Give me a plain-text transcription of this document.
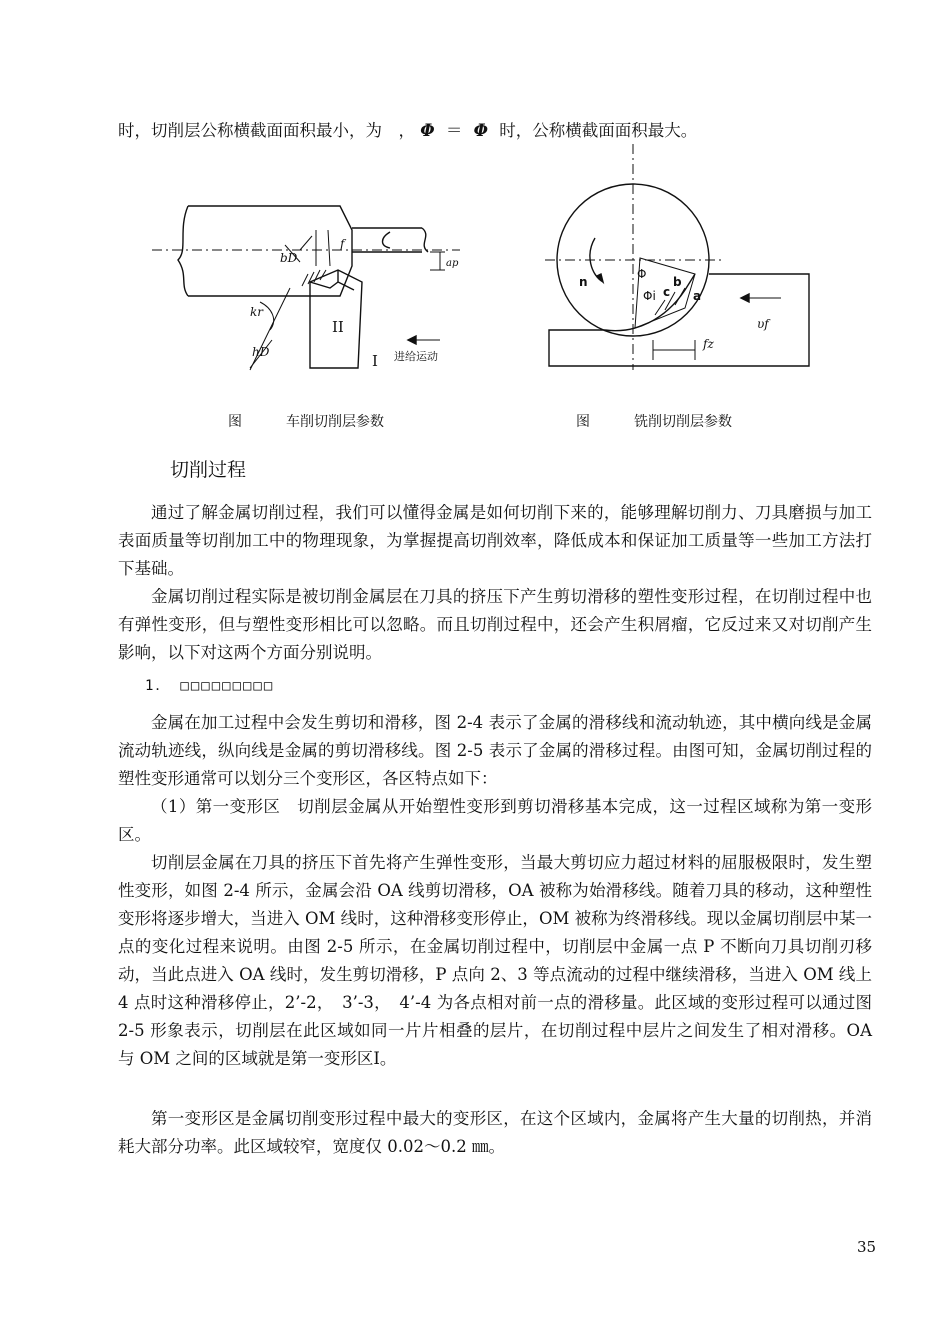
时，切削层公称横截面面积最小，为　， Φ ＝ Φ 时，公称横截面面积最大。
f
bD	ap
kr
hD
II
I 进给运动
n
Φ
Φi
b
c a
υf
fz
图	车削切削层参数	图	铣削切削层参数
切削过程
通过了解金属切削过程，我们可以懂得金属是如何切削下来的，能够理解切削力、刀具磨损与加工表面质量等切削加工中的物理现象，为掌握提高切削效率，降低成本和保证加工质量等一些加工方法打下基础。
金属切削过程实际是被切削金属层在刀具的挤压下产生剪切滑移的塑性变形过程，在切削过程中也有弹性变形，但与塑性变形相比可以忽略。而且切削过程中，还会产生积屑瘤，它反过来又对切削产生影响，以下对这两个方面分别说明。
1．　□□□□□□□□□
金属在加工过程中会发生剪切和滑移，图 2-4 表示了金属的滑移线和流动轨迹，其中横向线是金属流动轨迹线，纵向线是金属的剪切滑移线。图 2-5 表示了金属的滑移过程。由图可知，金属切削过程的塑性变形通常可以划分三个变形区，各区特点如下：
（1）第一变形区　切削层金属从开始塑性变形到剪切滑移基本完成，这一过程区域称为第一变形区。
切削层金属在刀具的挤压下首先将产生弹性变形，当最大剪切应力超过材料的屈服极限时，发生塑性变形，如图 2-4 所示，金属会沿 OA 线剪切滑移，OA 被称为始滑移线。随着刀具的移动，这种塑性变形将逐步增大，当进入 OM 线时，这种滑移变形停止，OM 被称为终滑移线。现以金属切削层中某一点的变化过程来说明。由图 2-5 所示，在金属切削过程中，切削层中金属一点 P 不断向刀具切削刃移动，当此点进入 OA 线时，发生剪切滑移，P 点向 2、3 等点流动的过程中继续滑移，当进入 OM 线上 4 点时这种滑移停止，2’-2，　3’-3，　4’-4 为各点相对前一点的滑移量。此区域的变形过程可以通过图 2-5 形象表示，切削层在此区域如同一片片相叠的层片，在切削过程中层片之间发生了相对滑移。OA 与 OM 之间的区域就是第一变形区Ⅰ。
第一变形区是金属切削变形过程中最大的变形区，在这个区域内，金属将产生大量的切削热，并消耗大部分功率。此区域较窄，宽度仅 0.02～0.2 ㎜。
35
